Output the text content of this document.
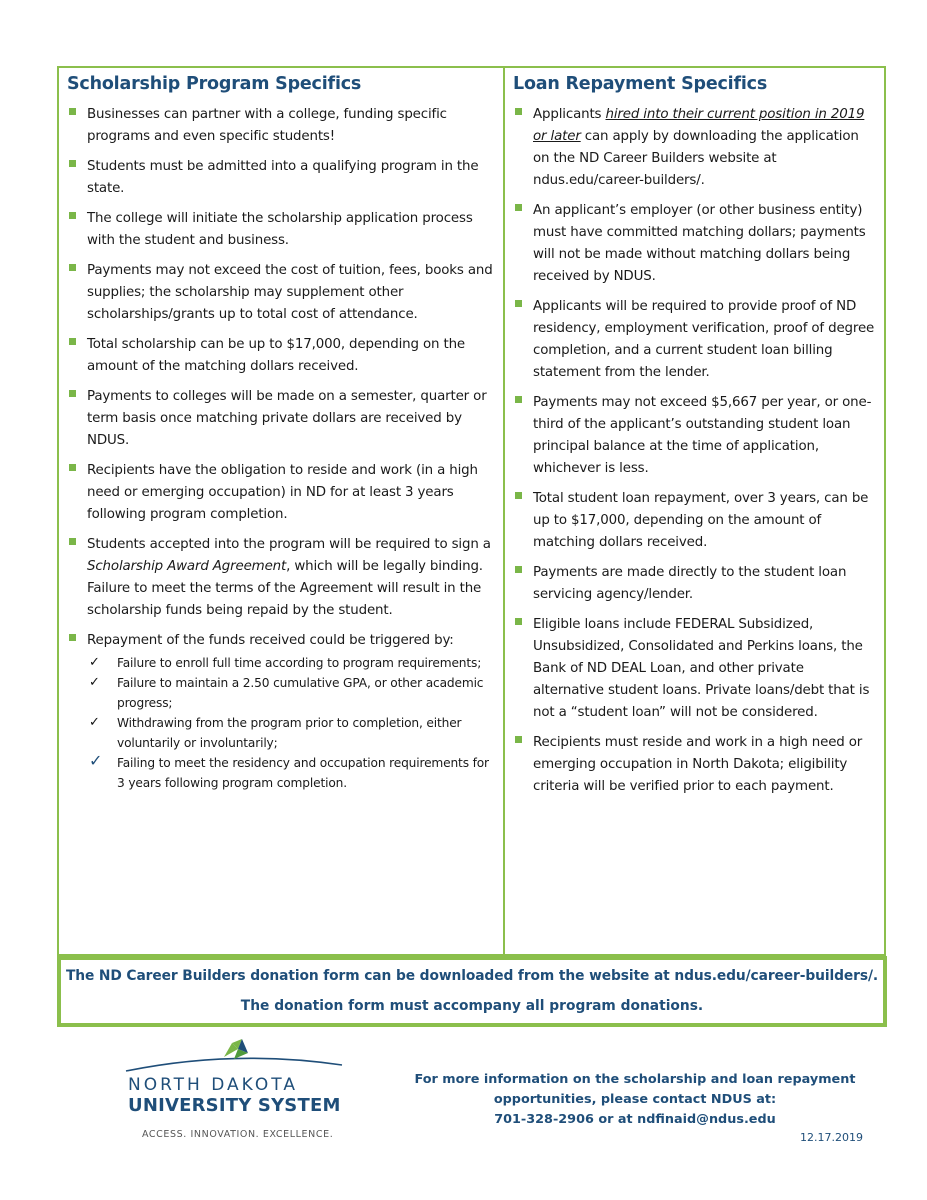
Scholarship Program Specifics
Businesses can partner with a college, funding specific programs and even specific students!
Students must be admitted into a qualifying program in the state.
The college will initiate the scholarship application process with the student and business.
Payments may not exceed the cost of tuition, fees, books and supplies; the scholarship may supplement other scholarships/grants up to total cost of attendance.
Total scholarship can be up to $17,000, depending on the amount of the matching dollars received.
Payments to colleges will be made on a semester, quarter or term basis once matching private dollars are received by NDUS.
Recipients have the obligation to reside and work (in a high need or emerging occupation) in ND for at least 3 years following program completion.
Students accepted into the program will be required to sign a Scholarship Award Agreement, which will be legally binding. Failure to meet the terms of the Agreement will result in the scholarship funds being repaid by the student.
Repayment of the funds received could be triggered by:
✓ Failure to enroll full time according to program requirements;
✓ Failure to maintain a 2.50 cumulative GPA, or other academic progress;
✓ Withdrawing from the program prior to completion, either voluntarily or involuntarily;
✓ Failing to meet the residency and occupation requirements for 3 years following program completion.
Loan Repayment Specifics
Applicants hired into their current position in 2019 or later can apply by downloading the application on the ND Career Builders website at ndus.edu/career-builders/.
An applicant’s employer (or other business entity) must have committed matching dollars; payments will not be made without matching dollars being received by NDUS.
Applicants will be required to provide proof of ND residency, employment verification, proof of degree completion, and a current student loan billing statement from the lender.
Payments may not exceed $5,667 per year, or one-third of the applicant’s outstanding student loan principal balance at the time of application, whichever is less.
Total student loan repayment, over 3 years, can be up to $17,000, depending on the amount of matching dollars received.
Payments are made directly to the student loan servicing agency/lender.
Eligible loans include FEDERAL Subsidized, Unsubsidized, Consolidated and Perkins loans, the Bank of ND DEAL Loan, and other private alternative student loans. Private loans/debt that is not a “student loan” will not be considered.
Recipients must reside and work in a high need or emerging occupation in North Dakota; eligibility criteria will be verified prior to each payment.
The ND Career Builders donation form can be downloaded from the website at ndus.edu/career-builders/.
The donation form must accompany all program donations.
NORTH DAKOTA
UNIVERSITY SYSTEM
ACCESS. INNOVATION. EXCELLENCE.
For more information on the scholarship and loan repayment
opportunities, please contact NDUS at:
701-328-2906 or at ndfinaid@ndus.edu
12.17.2019
